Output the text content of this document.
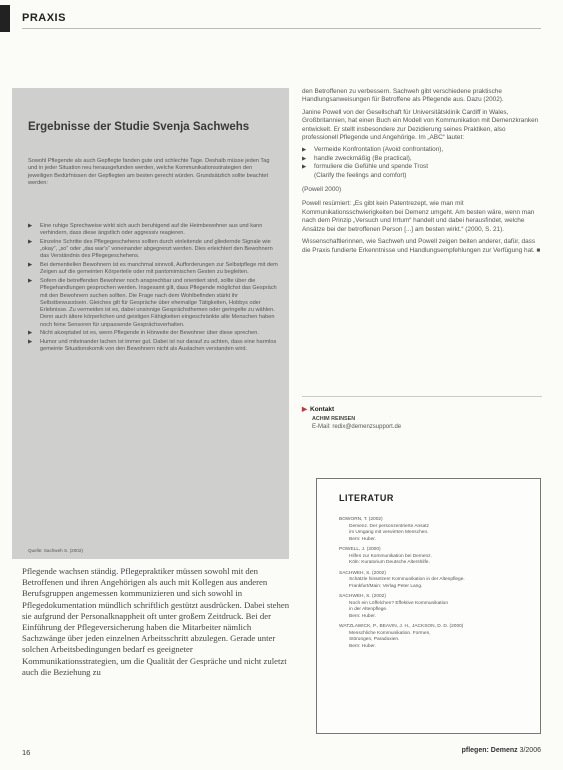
PRAXIS
Ergebnisse der Studie Svenja Sachwehs

Sowohl Pflegende als auch Gepflegte fanden gute und schlechte Tage. Deshalb müsse jeden Tag und in jeder Situation neu herausgefunden werden, welche Kommunikationsstrategien den jeweiligen Bedürfnissen der Gepflegten am besten gerecht würden. Grundsätzlich sollte beachtet werden:

▶ Eine ruhige Sprechweise wirkt sich auch beruhigend auf die Heimbewohner aus und kann verhindern, dass diese ängstlich oder aggressiv reagieren.
▶ Einzelne Schritte des Pflegegeschehens sollten durch einleitende und gliedernde Signale wie „okay“, „so“ oder „das war's“ voneinander abgegrenzt werden. Dies erleichtert den Bewohnern das Verständnis des Pflegegeschehens.
▶ Bei dementiellen Bewohnern ist es manchmal sinnvoll, Aufforderungen zur Selbstpflege mit dem Zeigen auf die gemeinten Körperteile oder mit pantomimischen Gesten zu begleiten.
▶ Sofern die betreffenden Bewohner noch ansprechbar und orientiert sind, sollte über die Pflegehandlungen gesprochen werden. Insgesamt gilt, dass Pflegende möglichst das Gespräch mit den Bewohnern suchen sollten. Die Frage nach dem Wohlbefinden stärkt ihr Selbstbewusstsein. Gleiches gilt für Gespräche über ehemalige Tätigkeiten, Hobbys oder Erlebnisse. Zu vermeiden ist es, dabei unsinnige Gesprächsthemen oder geringelte zu wählen. Denn auch ältere körperlichen und geistigen Fähigkeiten eingeschränkte alte Menschen haben noch feine Sensoren für unpassende Gesprächsverhalten.
▶ Nicht akzeptabel ist es, wenn Pflegende in Hörweite der Bewohner über diese sprechen.
▶ Humor und miteinander lachen ist immer gut. Dabei ist nur darauf zu achten, dass eine harmlos gemeinte Situationskomik von den Bewohnern nicht als Auslachen verstanden wird.
Quelle: Sachweh S. (2002)

den Betroffenen zu verbessern. Sachweh gibt verschiedene praktische Handlungsanweisungen für Betroffene als Pflegende aus. Dazu (2002).

Janine Powell von der Gesellschaft für Universitätsklinik Cardiff in Wales, Großbritannien, hat einen Buch ein Modell von Kommunikation mit Demenzkranken entwickelt. Er stellt insbesondere zur Dezidierung seines Praktiken, also professionell Pflegende und Angehörige. Im „ABC“ lautet:

▶ Vermeide Konfrontation (Avoid confrontation),
▶ handle zweckmäßig (Be practical),
▶ formuliere die Gefühle und spende Trost
(Clarify the feelings and comfort)

(Powell 2000)

Powell resümiert: „Es gibt kein Patentrezept, wie man mit Kommunikationsschwierigkeiten bei Demenz umgeht. Am besten wäre, wenn man nach dem Prinzip „Versuch und Irrtum“ handelt und dabei herausfindet, welche Ansätze bei der betroffenen Person [...] am besten wirkt.“ (2000, S. 21).

Wissenschaftlerinnen, wie Sachweh und Powell zeigen beiten anderer, dafür, dass die Praxis fundierte Erkenntnisse und Handlungsempfehlungen zur Verfügung hat. ■

▶ Kontakt
ACHIM REINSEN
E-Mail: redix@demenzsupport.de
LITERATUR
BOWORN, T. (2002)
Demenz. Der personzentrierte Ansatz
im Umgang mit verwirrten Menschen.
Bern: Huber.
POWELL, J. (2000)
Hilfen zur Kommunikation bei Demenz.
Köln: Kuratorium Deutsche Altershilfe.
SACHWEH, S. (2002)
Schätzle hinsetzen! Kommunikation in der Altenpflege.
Frankfurt/Main: Verlag Peter Lang.
SACHWEH, S. (2002)
Noch ein Löffelchen? Effektive Kommunikation
in der Altenpflege.
Bern: Huber.
WATZLAWICK, P., BEAVIN, J. H., JACKSON, D. D. (2000)
Menschliche Kommunikation. Formen,
Störungen, Paradoxien.
Bern: Huber.

Pflegende wachsen ständig. Pflegepraktiker müssen sowohl mit den Betroffenen und ihren Angehörigen als auch mit Kollegen aus anderen Berufsgruppen angemessen kommunizieren und sich sowohl in Pflegedokumentation mündlich schriftlich gestützt ausdrücken. Dabei stehen sie aufgrund der Personalknappheit oft unter großem Zeitdruck. Bei der Einführung der Pflegeversicherung haben die Mitarbeiter nämlich Sachzwänge über jeden einzelnen Arbeitsschritt abzulegen. Gerade unter solchen Arbeitsbedingungen bedarf es geeigneter Kommunikationsstrategien, um die Qualität der Gespräche und nicht zuletzt auch die Beziehung zu

16	pflegen: Demenz 3/2006
